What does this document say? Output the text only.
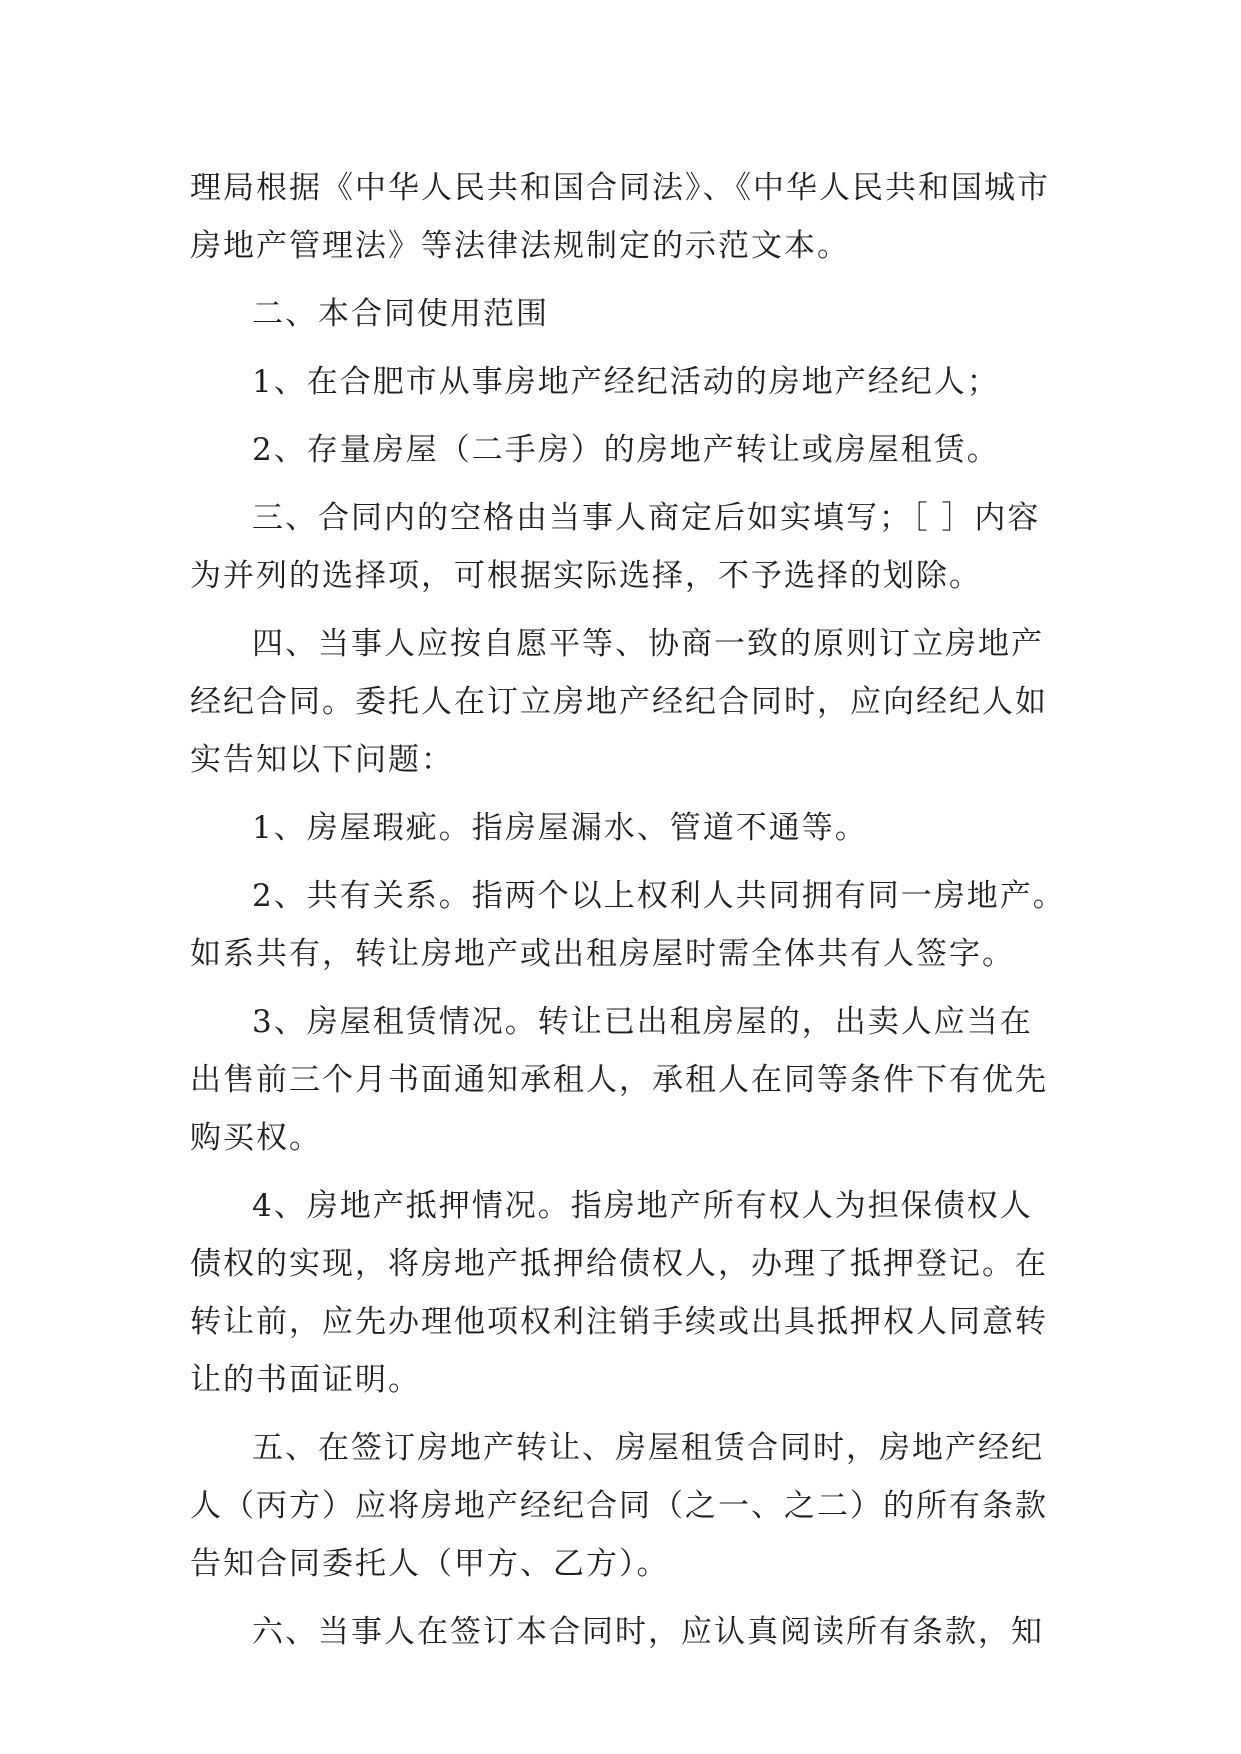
理局根据《中华人民共和国合同法》、《中华人民共和国城市
房地产管理法》等法律法规制定的示范文本。
二、本合同使用范围
1、在合肥市从事房地产经纪活动的房地产经纪人；
2、存量房屋（二手房）的房地产转让或房屋租赁。
三、合同内的空格由当事人商定后如实填写；［ ］内容
为并列的选择项，可根据实际选择，不予选择的划除。
四、当事人应按自愿平等、协商一致的原则订立房地产
经纪合同。委托人在订立房地产经纪合同时，应向经纪人如
实告知以下问题：
1、房屋瑕疵。指房屋漏水、管道不通等。
2、共有关系。指两个以上权利人共同拥有同一房地产。
如系共有，转让房地产或出租房屋时需全体共有人签字。
3、房屋租赁情况。转让已出租房屋的，出卖人应当在
出售前三个月书面通知承租人，承租人在同等条件下有优先
购买权。
4、房地产抵押情况。指房地产所有权人为担保债权人
债权的实现，将房地产抵押给债权人，办理了抵押登记。在
转让前，应先办理他项权利注销手续或出具抵押权人同意转
让的书面证明。
五、在签订房地产转让、房屋租赁合同时，房地产经纪
人（丙方）应将房地产经纪合同（之一、之二）的所有条款
告知合同委托人（甲方、乙方）。
六、当事人在签订本合同时，应认真阅读所有条款，知
